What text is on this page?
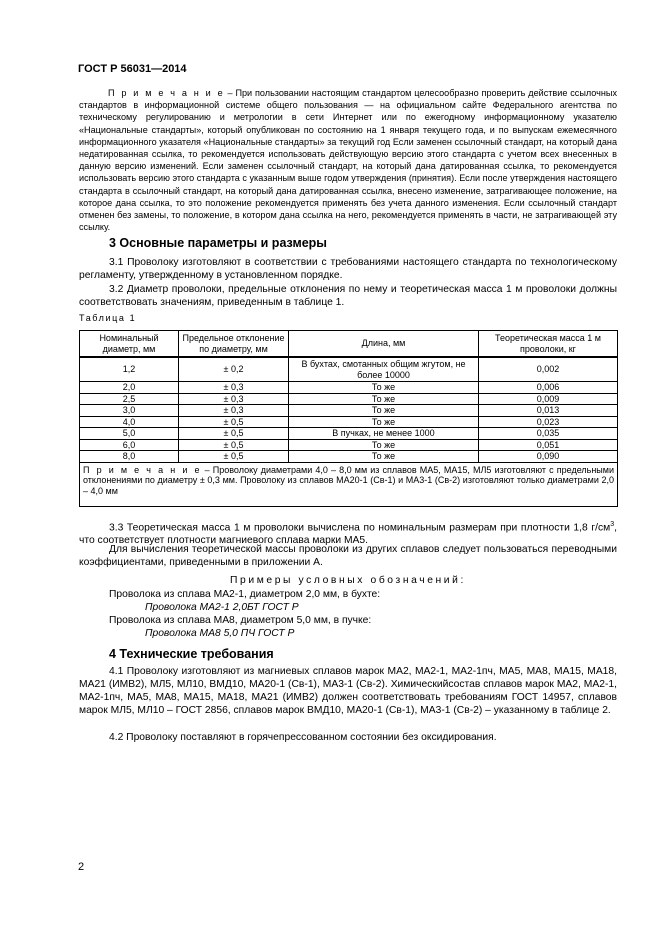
ГОСТ Р 56031—2014
П р и м е ч а н и е – При пользовании настоящим стандартом целесообразно проверить действие ссылочных стандартов в информационной системе общего пользования — на официальном сайте Федерального агентства по техническому регулированию и метрологии в сети Интернет или по ежегодному информационному указателю «Национальные стандарты», который опубликован по состоянию на 1 января текущего года, и по выпускам ежемесячного информационного указателя «Национальные стандарты» за текущий год Если заменен ссылочный стандарт, на который дана недатированная ссылка, то рекомендуется использовать действующую версию этого стандарта с учетом всех внесенных в данную версию изменений. Если заменен ссылочный стандарт, на который дана датированная ссылка, то рекомендуется использовать версию этого стандарта с указанным выше годом утверждения (принятия). Если после утверждения настоящего стандарта в ссылочный стандарт, на который дана датированная ссылка, внесено изменение, затрагивающее положение, на которое дана ссылка, то это положение рекомендуется применять без учета данного изменения. Если ссылочный стандарт отменен без замены, то положение, в котором дана ссылка на него, рекомендуется применять в части, не затрагивающей эту ссылку.
3 Основные параметры и размеры
3.1 Проволоку изготовляют в соответствии с требованиями настоящего стандарта по технологическому регламенту, утвержденному в установленном порядке.
3.2 Диаметр проволоки, предельные отклонения по нему и теоретическая масса 1 м проволоки должны соответствовать значениям, приведенным в таблице 1.
Таблица 1
Номинальный диаметр, мм	Предельное отклонение по диаметру, мм	Длина, мм	Теоретическая масса 1 м проволоки, кг
1,2	± 0,2	В бухтах, смотанных общим жгутом, не более 10000	0,002
2,0	± 0,3	То же	0,006
2,5	± 0,3	То же	0,009
3,0	± 0,3	То же	0,013
4,0	± 0,5	То же	0,023
5,0	± 0,5	В пучках, не менее 1000	0,035
6,0	± 0,5	То же	0,051
8,0	± 0,5	То же	0,090
П р и м е ч а н и е – Проволоку диаметрами 4,0 – 8,0 мм из сплавов МА5, МА15, МЛ5 изготовляют с предельными отклонениями по диаметру ± 0,3 мм. Проволоку из сплавов МА20-1 (Св-1) и МА3-1 (Св-2) изготовляют только диаметрами 2,0 – 4,0 мм			
3.3 Теоретическая масса 1 м проволоки вычислена по номинальным размерам при плотности 1,8 $г/см^3$, что соответствует плотности магниевого сплава марки МА5.
Для вычисления теоретической массы проволоки из других сплавов следует пользоваться переводными коэффициентами, приведенными в приложении А.
Примеры условных обозначений:
Проволока из сплава МА2-1, диаметром 2,0 мм, в бухте:
Проволока МА2-1 2,0БТ ГОСТ Р
Проволока из сплава МА8, диаметром 5,0 мм, в пучке:
Проволока МА8 5,0 ПЧ ГОСТ Р
4 Технические требования
4.1 Проволоку изготовляют из магниевых сплавов марок МА2, МА2-1, МА2-1пч, МА5, МА8, МА15, МА18, МА21 (ИМВ2), МЛ5, МЛ10, ВМД10, МА20-1 (Св-1), МА3-1 (Св-2). Химическийсостав сплавов марок МА2, МА2-1, МА2-1пч, МА5, МА8, МА15, МА18, МА21 (ИМВ2) должен соответствовать требованиям ГОСТ 14957, сплавов марок МЛ5, МЛ10 – ГОСТ 2856, сплавов марок ВМД10, МА20-1 (Св-1), МА3-1 (Св-2) – указанному в таблице 2.
4.2 Проволоку поставляют в горячепрессованном состоянии без оксидирования.
2
